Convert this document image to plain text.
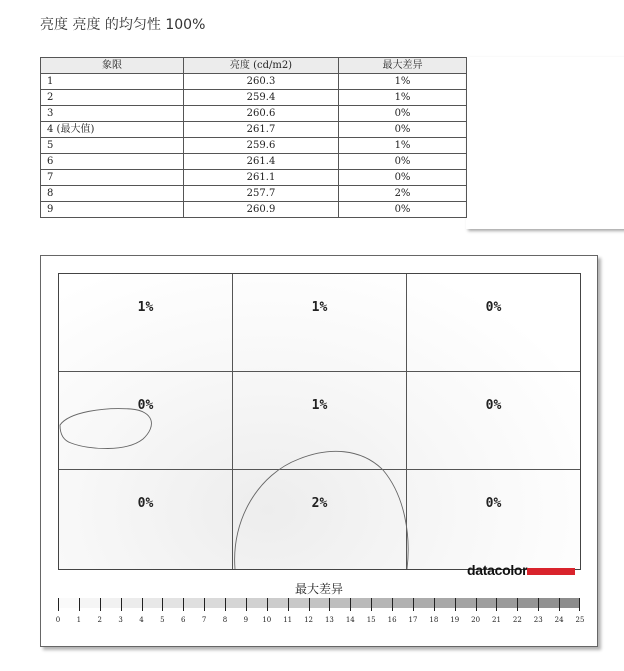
亮度 亮度 的均匀性 100%
象限	亮度 (cd/m2)	最大差异
1	260.3	1%
2	259.4	1%
3	260.6	0%
4 (最大值)	261.7	0%
5	259.6	1%
6	261.4	0%
7	261.1	0%
8	257.7	2%
9	260.9	0%
1%	1%	0%
0%	1%	0%
0%	2%	0%
datacolor
最大差异
0	1	2	3	4	5	6	7	8	9	10	11	12	13	14	15	16	17	18	19	20	21	22	23	24	25
